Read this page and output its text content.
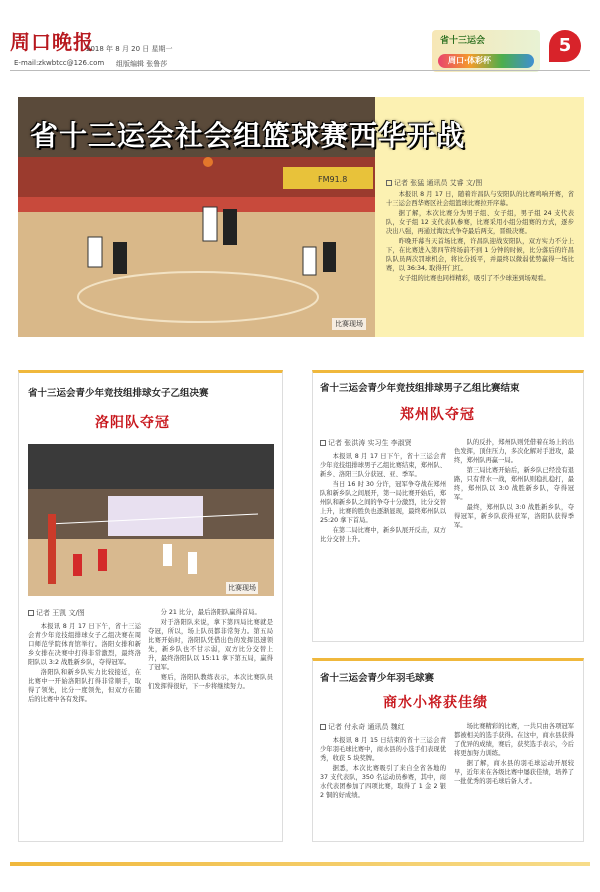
周口晚报
2018 年 8 月 20 日 星期一
E-mail:zkwbtcc@126.com 组版编辑 张鲁莎
省十三运会
周口·体彩杯
5
FM91.8
省十三运会社会组篮球赛西华开战
比赛现场
记者 张猛 通讯员 艾睿 文/图

本报讯 8 月 17 日，随着许昌队与安阳队的比赛鸣响开赛，省十三运会西华赛区社会组篮球比赛拉开序幕。

据了解，本次比赛分为男子组、女子组，男子组 24 支代表队，女子组 12 支代表队参赛，比赛采用小组分组赛的方式，逐步决出八强，再通过淘汰式争夺最后两支，晋级决赛。

昨晚开幕当天首场比赛，许昌队迎战安阳队，双方实力不分上下，在比赛进入第四节终场前不到 1 分钟的时候，比分落后的许昌队队员两次罚球机会，将比分扳平，并最终以微弱优势赢得一场比赛，以 36:34, 取得开门红。

女子组的比赛也同样精彩，吸引了不少球迷到场观看。

省十三运会青少年竞技组排球女子乙组决赛
洛阳队夺冠
比赛现场
记者 王凯 文/图

本报讯 8 月 17 日下午，省十三运会青少年竞技组排球女子乙组决赛在周口师范学院体育馆举行。洛阳女排和新乡女排在决赛中打得非常激烈，最终洛阳队以 3:2 战胜新乡队，夺得冠军。

洛阳队和新乡队实力比较接近，在比赛中一开始洛阳队打得非常顺手，取得了领先，比分一度领先，但双方在随后的比赛中各有发挥。

分 21 比分，最后洛阳队赢得首局。

对于洛阳队来说，拿下第四局比赛就是夺冠，所以，场上队员都非常努力。第五局比赛开始时，洛阳队凭借出色的发挥迅速领先，新乡队也不甘示弱，双方比分交替上升，最终洛阳队以 15:11 拿下第五局，赢得了冠军。

赛后，洛阳队教练表示，本次比赛队员们发挥得很好，下一步将继续努力。

省十三运会青少年竞技组排球男子乙组比赛结束
郑州队夺冠
记者 张洪涛 实习生 李淑贤

本报讯 8 月 17 日下午，省十三运会青少年竞技组排球男子乙组比赛结束，郑州队、新乡、洛阳三队分获冠、亚、季军。

当日 16 时 30 分许，冠军争夺战在郑州队和新乡队之间展开，第一局比赛开始后，郑州队和新乡队之间的争夺十分激烈，比分交替上升，比赛的胜负也逐渐显现，最终郑州队以 25:20 拿下首局。

在第二局比赛中，新乡队展开反击，双方比分交替上升。

队的反扑，郑州队则凭借着在场上的出色发挥，顶住压力，多次化解对手进攻，最终，郑州队再赢一局。

第三局比赛开始后，新乡队已经没有退路，只有背水一战，郑州队则稳扎稳打，最终，郑州队以 3:0 战胜新乡队，夺得冠军。

最终，郑州队以 3:0 战胜新乡队，夺得冠军，新乡队获得亚军，洛阳队获得季军。

省十三运会青少年羽毛球赛
商水小将获佳绩
记者 付永奇 通讯员 魏红

本报讯 8 月 15 日结束的省十三运会青少年羽毛球比赛中，商水县的小选手们表现优秀，收获 5 块奖牌。

据悉，本次比赛吸引了来自全省各地的 37 支代表队，350 名运动员参赛，其中，商水代表团参加了四项比赛，取得了 1 金 2 银 2 铜的好成绩。

场比赛精彩的比赛，一共只由各项冠军都被相关的选手获得。在这中，商水县获得了优异的成绩，赛后，获奖选手表示，今后将更加努力训练。

据了解，商水县的羽毛球运动开展较早，近年来在各级比赛中屡获佳绩，培养了一批优秀的羽毛球后备人才。
